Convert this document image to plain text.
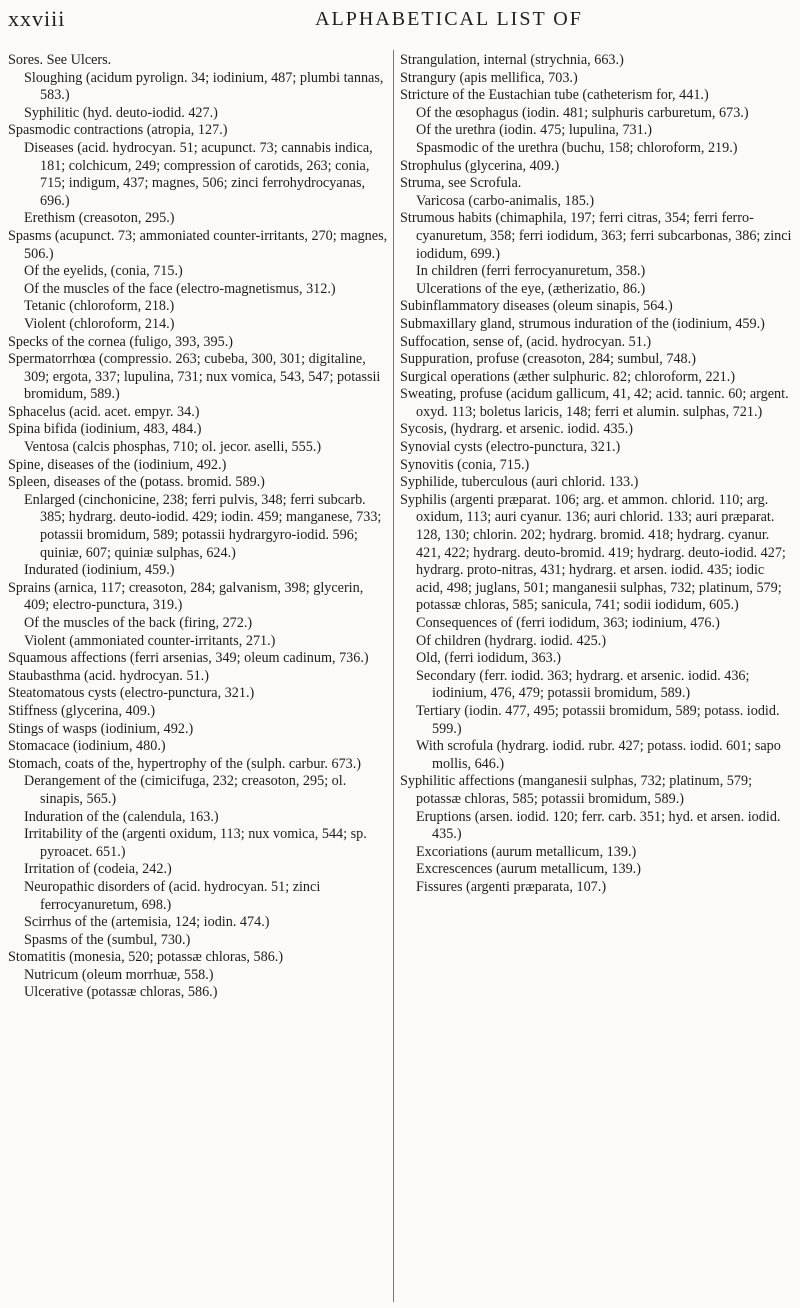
xxviii	ALPHABETICAL LIST OF

Sores. See Ulcers.

Sloughing (acidum pyrolign. 34; iodinium, 487; plumbi tannas, 583.)

Syphilitic (hyd. deuto-iodid. 427.)

Spasmodic contractions (atropia, 127.)

Diseases (acid. hydrocyan. 51; acupunct. 73; cannabis indica, 181; colchicum, 249; compression of carotids, 263; conia, 715; indigum, 437; magnes, 506; zinci ferrohydrocyanas, 696.)

Erethism (creasoton, 295.)

Spasms (acupunct. 73; ammoniated counter-irritants, 270; magnes, 506.)

Of the eyelids, (conia, 715.)

Of the muscles of the face (electro-magnetismus, 312.)

Tetanic (chloroform, 218.)

Violent (chloroform, 214.)

Specks of the cornea (fuligo, 393, 395.)

Spermatorrhœa (compressio. 263; cubeba, 300, 301; digitaline, 309; ergota, 337; lupulina, 731; nux vomica, 543, 547; potassii bromidum, 589.)

Sphacelus (acid. acet. empyr. 34.)

Spina bifida (iodinium, 483, 484.)

Ventosa (calcis phosphas, 710; ol. jecor. aselli, 555.)

Spine, diseases of the (iodinium, 492.)

Spleen, diseases of the (potass. bromid. 589.)

Enlarged (cinchonicine, 238; ferri pulvis, 348; ferri subcarb. 385; hydrarg. deuto-iodid. 429; iodin. 459; manganese, 733; potassii bromidum, 589; potassii hydrargyro-iodid. 596; quiniæ, 607; quiniæ sulphas, 624.)

Indurated (iodinium, 459.)

Sprains (arnica, 117; creasoton, 284; galvanism, 398; glycerin, 409; electro-punctura, 319.)

Of the muscles of the back (firing, 272.)

Violent (ammoniated counter-irritants, 271.)

Squamous affections (ferri arsenias, 349; oleum cadinum, 736.)

Staubasthma (acid. hydrocyan. 51.)

Steatomatous cysts (electro-punctura, 321.)

Stiffness (glycerina, 409.)

Stings of wasps (iodinium, 492.)

Stomacace (iodinium, 480.)

Stomach, coats of the, hypertrophy of the (sulph. carbur. 673.)

Derangement of the (cimicifuga, 232; creasoton, 295; ol. sinapis, 565.)

Induration of the (calendula, 163.)

Irritability of the (argenti oxidum, 113; nux vomica, 544; sp. pyroacet. 651.)

Irritation of (codeia, 242.)

Neuropathic disorders of (acid. hydrocyan. 51; zinci ferrocyanuretum, 698.)

Scirrhus of the (artemisia, 124; iodin. 474.)

Spasms of the (sumbul, 730.)

Stomatitis (monesia, 520; potassæ chloras, 586.)

Nutricum (oleum morrhuæ, 558.)

Ulcerative (potassæ chloras, 586.)

Strangulation, internal (strychnia, 663.)

Strangury (apis mellifica, 703.)

Stricture of the Eustachian tube (catheterism for, 441.)

Of the œsophagus (iodin. 481; sulphuris carburetum, 673.)

Of the urethra (iodin. 475; lupulina, 731.)

Spasmodic of the urethra (buchu, 158; chloroform, 219.)

Strophulus (glycerina, 409.)

Struma, see Scrofula.

Varicosa (carbo-animalis, 185.)

Strumous habits (chimaphila, 197; ferri citras, 354; ferri ferro-cyanuretum, 358; ferri iodidum, 363; ferri subcarbonas, 386; zinci iodidum, 699.)

In children (ferri ferrocyanuretum, 358.)

Ulcerations of the eye, (ætherizatio, 86.)

Subinflammatory diseases (oleum sinapis, 564.)

Submaxillary gland, strumous induration of the (iodinium, 459.)

Suffocation, sense of, (acid. hydrocyan. 51.)

Suppuration, profuse (creasoton, 284; sumbul, 748.)

Surgical operations (æther sulphuric. 82; chloroform, 221.)

Sweating, profuse (acidum gallicum, 41, 42; acid. tannic. 60; argent. oxyd. 113; boletus laricis, 148; ferri et alumin. sulphas, 721.)

Sycosis, (hydrarg. et arsenic. iodid. 435.)

Synovial cysts (electro-punctura, 321.)

Synovitis (conia, 715.)

Syphilide, tuberculous (auri chlorid. 133.)

Syphilis (argenti præparat. 106; arg. et ammon. chlorid. 110; arg. oxidum, 113; auri cyanur. 136; auri chlorid. 133; auri præparat. 128, 130; chlorin. 202; hydrarg. bromid. 418; hydrarg. cyanur. 421, 422; hydrarg. deuto-bromid. 419; hydrarg. deuto-iodid. 427; hydrarg. proto-nitras, 431; hydrarg. et arsen. iodid. 435; iodic acid, 498; juglans, 501; manganesii sulphas, 732; platinum, 579; potassæ chloras, 585; sanicula, 741; sodii iodidum, 605.)

Consequences of (ferri iodidum, 363; iodinium, 476.)

Of children (hydrarg. iodid. 425.)

Old, (ferri iodidum, 363.)

Secondary (ferr. iodid. 363; hydrarg. et arsenic. iodid. 436; iodinium, 476, 479; potassii bromidum, 589.)

Tertiary (iodin. 477, 495; potassii bromidum, 589; potass. iodid. 599.)

With scrofula (hydrarg. iodid. rubr. 427; potass. iodid. 601; sapo mollis, 646.)

Syphilitic affections (manganesii sulphas, 732; platinum, 579; potassæ chloras, 585; potassii bromidum, 589.)

Eruptions (arsen. iodid. 120; ferr. carb. 351; hyd. et arsen. iodid. 435.)

Excoriations (aurum metallicum, 139.)

Excrescences (aurum metallicum, 139.)

Fissures (argenti præparata, 107.)
